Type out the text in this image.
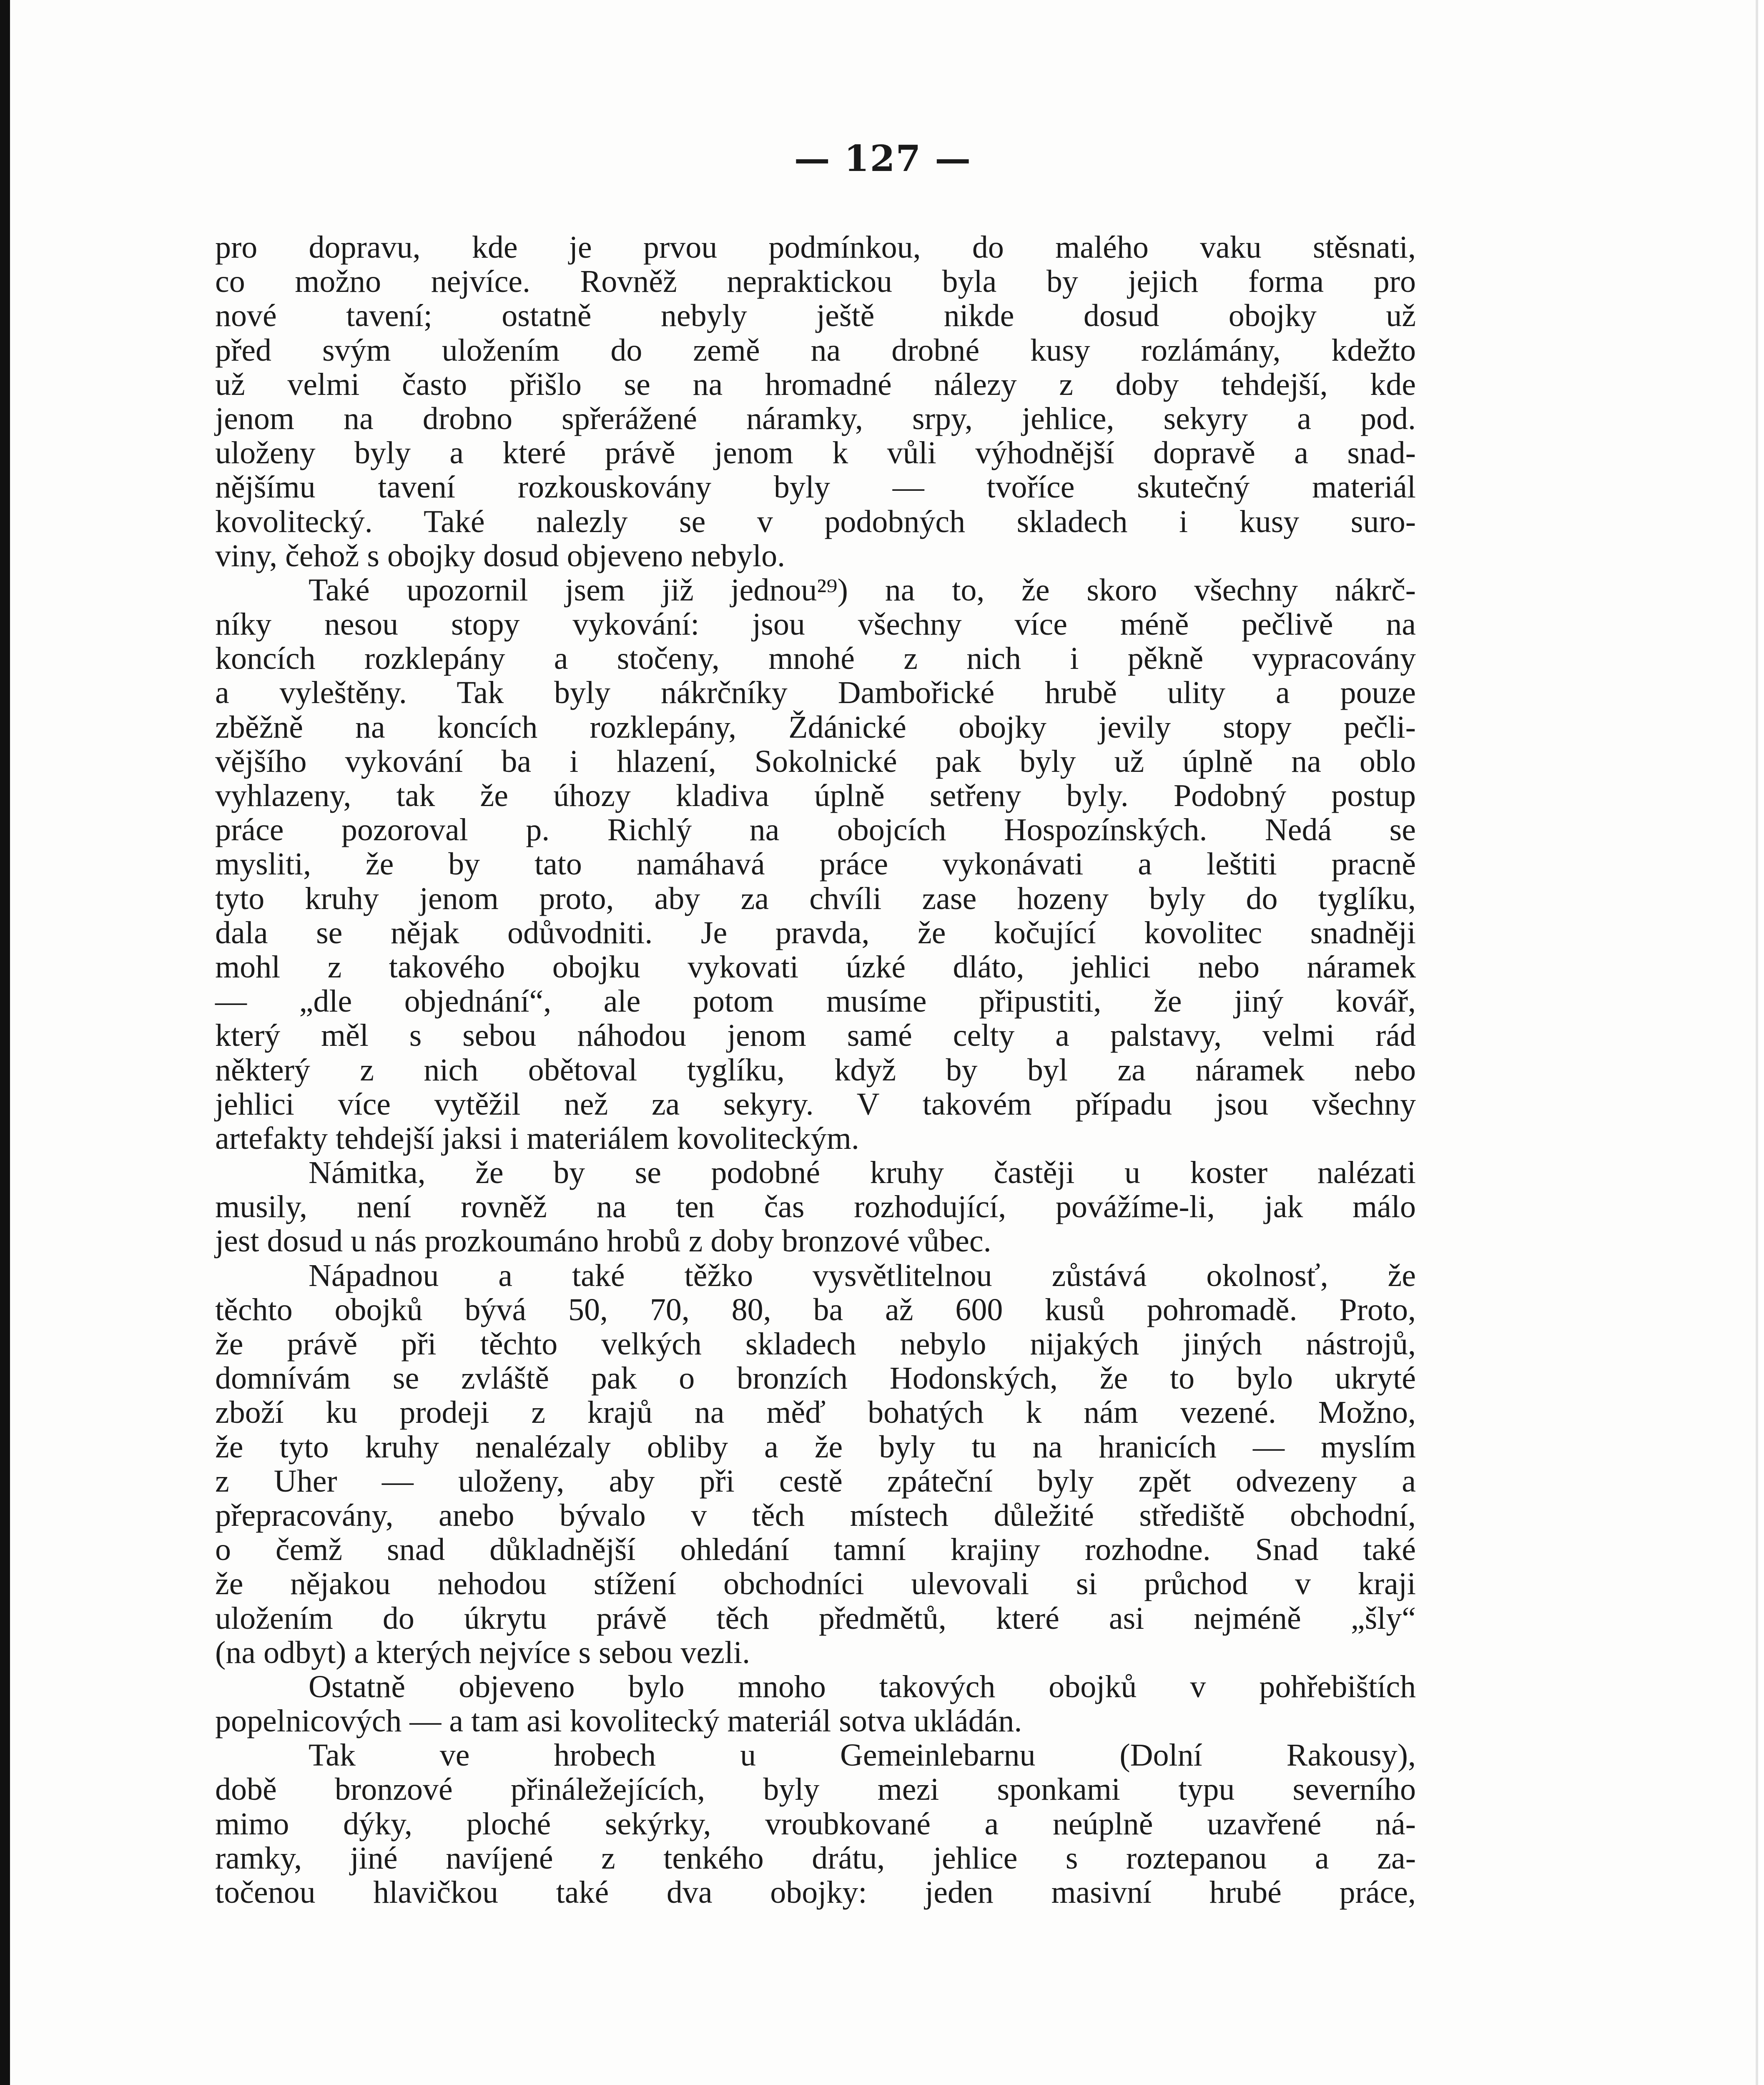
— 127 —
pro dopravu, kde je prvou podmínkou, do malého vaku stěsnati,
co možno nejvíce. Rovněž nepraktickou byla by jejich forma pro
nové tavení; ostatně nebyly ještě nikde dosud obojky už
před svým uložením do země na drobné kusy rozlámány, kdežto
už velmi často přišlo se na hromadné nálezy z doby tehdejší, kde
jenom na drobno spřerážené náramky, srpy, jehlice, sekyry a pod.
uloženy byly a které právě jenom k vůli výhodnější dopravě a snad-
nějšímu tavení rozkouskovány byly — tvoříce skutečný materiál
kovolitecký. Také nalezly se v podobných skladech i kusy suro-
viny, čehož s obojky dosud objeveno nebylo.
Také upozornil jsem již jednou²⁹) na to, že skoro všechny nákrč-
níky nesou stopy vykování: jsou všechny více méně pečlivě na
koncích rozklepány a stočeny, mnohé z nich i pěkně vypracovány
a vyleštěny. Tak byly nákrčníky Dambořické hrubě ulity a pouze
zběžně na koncích rozklepány, Ždánické obojky jevily stopy pečli-
vějšího vykování ba i hlazení, Sokolnické pak byly už úplně na oblo
vyhlazeny, tak že úhozy kladiva úplně setřeny byly. Podobný postup
práce pozoroval p. Richlý na obojcích Hospozínských. Nedá se
mysliti, že by tato namáhavá práce vykonávati a leštiti pracně
tyto kruhy jenom proto, aby za chvíli zase hozeny byly do tyglíku,
dala se nějak odůvodniti. Je pravda, že kočující kovolitec snadněji
mohl z takového obojku vykovati úzké dláto, jehlici nebo náramek
— „dle objednání“, ale potom musíme připustiti, že jiný kovář,
který měl s sebou náhodou jenom samé celty a palstavy, velmi rád
některý z nich obětoval tyglíku, když by byl za náramek nebo
jehlici více vytěžil než za sekyry. V takovém případu jsou všechny
artefakty tehdejší jaksi i materiálem kovoliteckým.
Námitka, že by se podobné kruhy častěji u koster nalézati
musily, není rovněž na ten čas rozhodující, povážíme-li, jak málo
jest dosud u nás prozkoumáno hrobů z doby bronzové vůbec.
Nápadnou a také těžko vysvětlitelnou zůstává okolnosť, že
těchto obojků bývá 50, 70, 80, ba až 600 kusů pohromadě. Proto,
že právě při těchto velkých skladech nebylo nijakých jiných nástrojů,
domnívám se zvláště pak o bronzích Hodonských, že to bylo ukryté
zboží ku prodeji z krajů na měď bohatých k nám vezené. Možno,
že tyto kruhy nenalézaly obliby a že byly tu na hranicích — myslím
z Uher — uloženy, aby při cestě zpáteční byly zpět odvezeny a
přepracovány, anebo bývalo v těch místech důležité střediště obchodní,
o čemž snad důkladnější ohledání tamní krajiny rozhodne. Snad také
že nějakou nehodou stížení obchodníci ulevovali si průchod v kraji
uložením do úkrytu právě těch předmětů, které asi nejméně „šly“
(na odbyt) a kterých nejvíce s sebou vezli.
Ostatně objeveno bylo mnoho takových obojků v pohřebištích
popelnicových — a tam asi kovolitecký materiál sotva ukládán.
Tak ve hrobech u Gemeinlebarnu (Dolní Rakousy),
době bronzové přináležejících, byly mezi sponkami typu severního
mimo dýky, ploché sekýrky, vroubkované a neúplně uzavřené ná-
ramky, jiné navíjené z tenkého drátu, jehlice s roztepanou a za-
točenou hlavičkou také dva obojky: jeden masivní hrubé práce,
